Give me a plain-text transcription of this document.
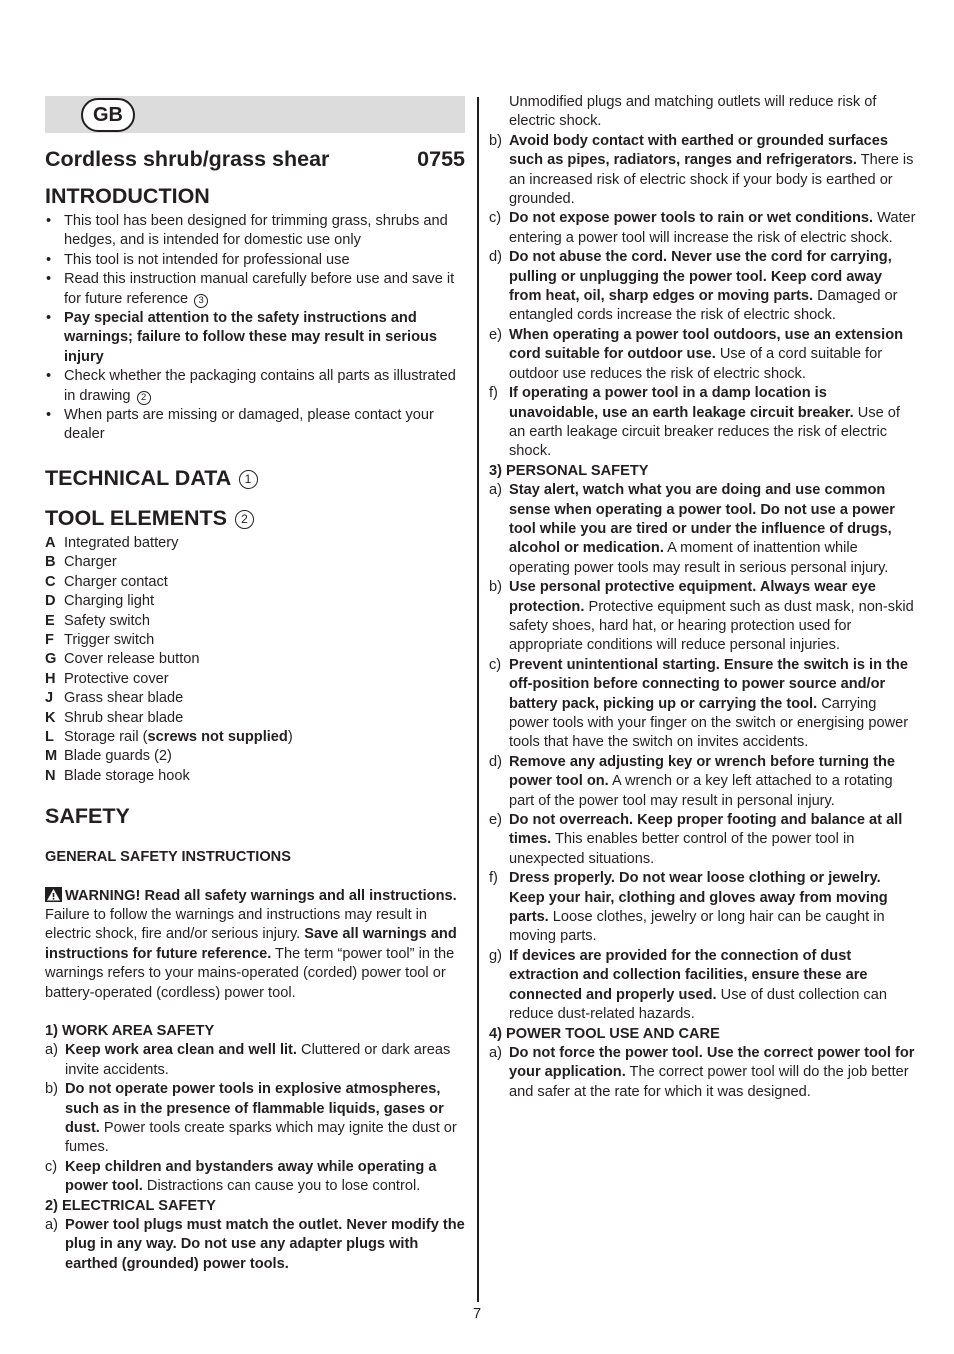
GB
Cordless shrub/grass shear	0755
INTRODUCTION
• This tool has been designed for trimming grass, shrubs and hedges, and is intended for domestic use only
• This tool is not intended for professional use
• Read this instruction manual carefully before use and save it for future reference 3
• Pay special attention to the safety instructions and warnings; failure to follow these may result in serious injury
• Check whether the packaging contains all parts as illustrated in drawing 2
• When parts are missing or damaged, please contact your dealer
TECHNICAL DATA 1
TOOL ELEMENTS 2
A Integrated battery
B Charger
C Charger contact
D Charging light
E Safety switch
F Trigger switch
G Cover release button
H Protective cover
J Grass shear blade
K Shrub shear blade
L Storage rail (screws not supplied)
M Blade guards (2)
N Blade storage hook
SAFETY
GENERAL SAFETY INSTRUCTIONS
WARNING! Read all safety warnings and all instructions. Failure to follow the warnings and instructions may result in electric shock, fire and/or serious injury. Save all warnings and instructions for future reference. The term “power tool” in the warnings refers to your mains-operated (corded) power tool or battery-operated (cordless) power tool.
1) WORK AREA SAFETY
a) Keep work area clean and well lit. Cluttered or dark areas invite accidents.
b) Do not operate power tools in explosive atmospheres, such as in the presence of flammable liquids, gases or dust. Power tools create sparks which may ignite the dust or fumes.
c) Keep children and bystanders away while operating a power tool. Distractions can cause you to lose control.
2) ELECTRICAL SAFETY
a) Power tool plugs must match the outlet. Never modify the plug in any way. Do not use any adapter plugs with earthed (grounded) power tools.
Unmodified plugs and matching outlets will reduce risk of electric shock.
b) Avoid body contact with earthed or grounded surfaces such as pipes, radiators, ranges and refrigerators. There is an increased risk of electric shock if your body is earthed or grounded.
c) Do not expose power tools to rain or wet conditions. Water entering a power tool will increase the risk of electric shock.
d) Do not abuse the cord. Never use the cord for carrying, pulling or unplugging the power tool. Keep cord away from heat, oil, sharp edges or moving parts. Damaged or entangled cords increase the risk of electric shock.
e) When operating a power tool outdoors, use an extension cord suitable for outdoor use. Use of a cord suitable for outdoor use reduces the risk of electric shock.
f) If operating a power tool in a damp location is unavoidable, use an earth leakage circuit breaker. Use of an earth leakage circuit breaker reduces the risk of electric shock.
3) PERSONAL SAFETY
a) Stay alert, watch what you are doing and use common sense when operating a power tool. Do not use a power tool while you are tired or under the influence of drugs, alcohol or medication. A moment of inattention while operating power tools may result in serious personal injury.
b) Use personal protective equipment. Always wear eye protection. Protective equipment such as dust mask, non-skid safety shoes, hard hat, or hearing protection used for appropriate conditions will reduce personal injuries.
c) Prevent unintentional starting. Ensure the switch is in the off-position before connecting to power source and/or battery pack, picking up or carrying the tool. Carrying power tools with your finger on the switch or energising power tools that have the switch on invites accidents.
d) Remove any adjusting key or wrench before turning the power tool on. A wrench or a key left attached to a rotating part of the power tool may result in personal injury.
e) Do not overreach. Keep proper footing and balance at all times. This enables better control of the power tool in unexpected situations.
f) Dress properly. Do not wear loose clothing or jewelry. Keep your hair, clothing and gloves away from moving parts. Loose clothes, jewelry or long hair can be caught in moving parts.
g) If devices are provided for the connection of dust extraction and collection facilities, ensure these are connected and properly used. Use of dust collection can reduce dust-related hazards.
4) POWER TOOL USE AND CARE
a) Do not force the power tool. Use the correct power tool for your application. The correct power tool will do the job better and safer at the rate for which it was designed.
7
